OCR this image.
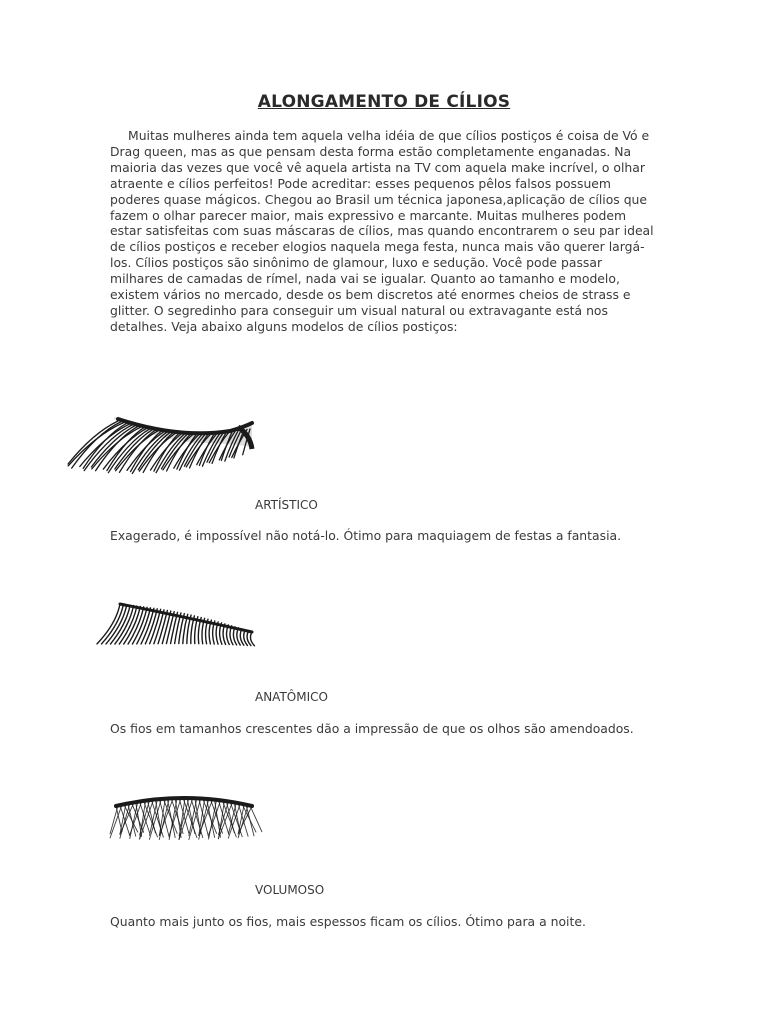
ALONGAMENTO DE CÍLIOS

Muitas mulheres ainda tem aquela velha idéia de que cílios postiços é coisa de Vó e Drag queen, mas as que pensam desta forma estão completamente enganadas. Na maioria das vezes que você vê aquela artista na TV com aquela make incrível, o olhar atraente e cílios perfeitos! Pode acreditar: esses pequenos pêlos falsos possuem poderes quase mágicos. Chegou ao Brasil um técnica japonesa,aplicação de cílios que fazem o olhar parecer maior, mais expressivo e marcante. Muitas mulheres podem estar satisfeitas com suas máscaras de cílios, mas quando encontrarem o seu par ideal de cílios postiços e receber elogios naquela mega festa, nunca mais vão querer largá-los. Cílios postiços são sinônimo de glamour, luxo e sedução. Você pode passar milhares de camadas de rímel, nada vai se igualar. Quanto ao tamanho e modelo, existem vários no mercado, desde os bem discretos até enormes cheios de strass e glitter. O segredinho para conseguir um visual natural ou extravagante está nos detalhes. Veja abaixo alguns modelos de cílios postiços:

ARTÍSTICO
Exagerado, é impossível não notá-lo. Ótimo para maquiagem de festas a fantasia.
ANATÔMICO
Os fios em tamanhos crescentes dão a impressão de que os olhos são amendoados.
VOLUMOSO
Quanto mais junto os fios, mais espessos ficam os cílios. Ótimo para a noite.
